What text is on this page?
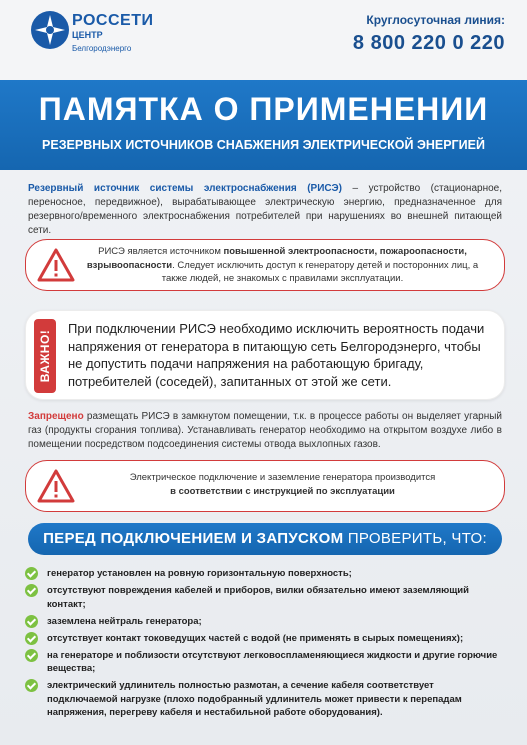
РОССЕТИ
ЦЕНТР
Белгородэнерго
Круглосуточная линия:
8 800 220 0 220
ПАМЯТКА О ПРИМЕНЕНИИ
РЕЗЕРВНЫХ ИСТОЧНИКОВ СНАБЖЕНИЯ ЭЛЕКТРИЧЕСКОЙ ЭНЕРГИЕЙ
Резервный источник системы электроснабжения (РИСЭ) – устройство (стационарное, переносное, передвижное), вырабатывающее электрическую энергию, предназначенное для резервного/временного электроснабжения потребителей при нарушениях во внешней питающей сети.
РИСЭ является источником повышенной электроопасности, пожароопасности, взрывоопасности. Следует исключить доступ к генератору детей и посторонних лиц, а также людей, не знакомых с правилами эксплуатации.
ВАЖНО!
При подключении РИСЭ необходимо исключить вероятность подачи напряжения от генератора в питающую сеть Белгородэнерго, чтобы не допустить подачи напряжения на работающую бригаду, потребителей (соседей), запитанных от этой же сети.
Запрещено размещать РИСЭ в замкнутом помещении, т.к. в процессе работы он выделяет угарный газ (продукты сгорания топлива). Устанавливать генератор необходимо на открытом воздухе либо в помещении посредством подсоединения системы отвода выхлопных газов.
Электрическое подключение и заземление генератора производится
в соответствии с инструкцией по эксплуатации
ПЕРЕД ПОДКЛЮЧЕНИЕМ И ЗАПУСКОМ ПРОВЕРИТЬ, ЧТО:
генератор установлен на ровную горизонтальную поверхность;
отсутствуют повреждения кабелей и приборов, вилки обязательно имеют заземляющий контакт;
заземлена нейтраль генератора;
отсутствует контакт токоведущих частей с водой (не применять в сырых помещениях);
на генераторе и поблизости отсутствуют легковоспламеняющиеся жидкости и другие горючие вещества;
электрический удлинитель полностью размотан, а сечение кабеля соответствует подключаемой нагрузке (плохо подобранный удлинитель может привести к перепадам напряжения, перегреву кабеля и нестабильной работе оборудования).
